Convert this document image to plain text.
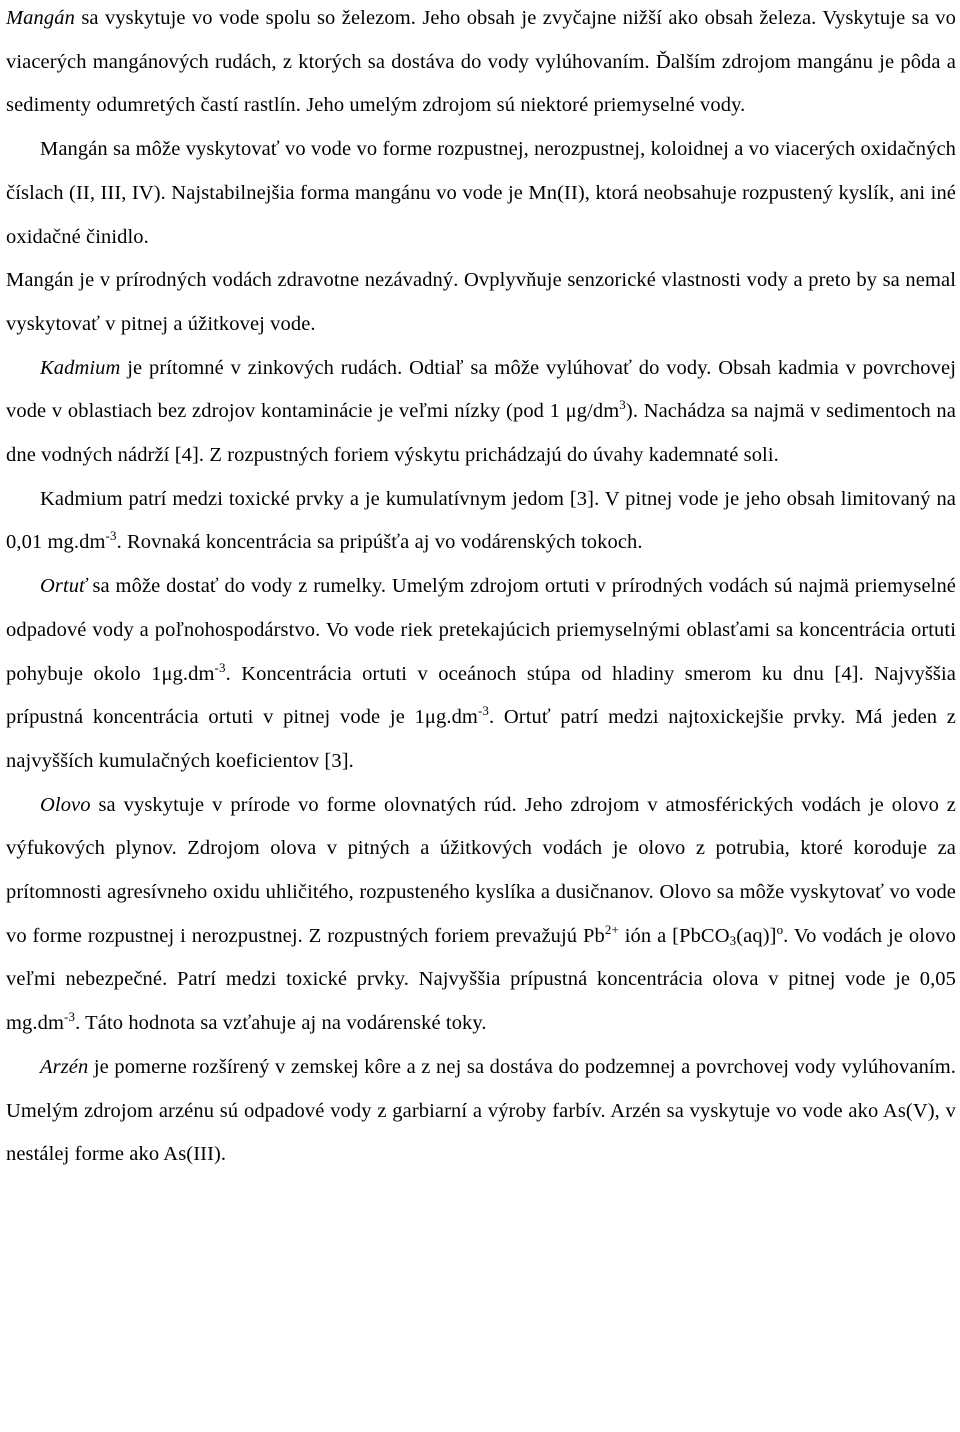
Mangán sa vyskytuje vo vode spolu so železom. Jeho obsah je zvyčajne nižší ako obsah železa. Vyskytuje sa vo viacerých mangánových rudách, z ktorých sa dostáva do vody vylúhovaním. Ďalším zdrojom mangánu je pôda a sedimenty odumretých častí rastlín. Jeho umelým zdrojom sú niektoré priemyselné vody.

Mangán sa môže vyskytovať vo vode vo forme rozpustnej, nerozpustnej, koloidnej a vo viacerých oxidačných číslach (II, III, IV). Najstabilnejšia forma mangánu vo vode je Mn(II), ktorá neobsahuje rozpustený kyslík, ani iné oxidačné činidlo.

Mangán je v prírodných vodách zdravotne nezávadný. Ovplyvňuje senzorické vlastnosti vody a preto by sa nemal vyskytovať v pitnej a úžitkovej vode.

Kadmium je prítomné v zinkových rudách. Odtiaľ sa môže vylúhovať do vody. Obsah kadmia v povrchovej vode v oblastiach bez zdrojov kontaminácie je veľmi nízky (pod 1 $\mu g/dm^3$). Nachádza sa najmä v sedimentoch na dne vodných nádrží [4]. Z rozpustných foriem výskytu prichádzajú do úvahy kademnaté soli.

Kadmium patrí medzi toxické prvky a je kumulatívnym jedom [3]. V pitnej vode je jeho obsah limitovaný na 0,01 $mg.dm^{-3}$. Rovnaká koncentrácia sa pripúšťa aj vo vodárenských tokoch.

Ortuť sa môže dostať do vody z rumelky. Umelým zdrojom ortuti v prírodných vodách sú najmä priemyselné odpadové vody a poľnohospodárstvo. Vo vode riek pretekajúcich priemyselnými oblasťami sa koncentrácia ortuti pohybuje okolo $1\mu g.dm^{-3}$. Koncentrácia ortuti v oceánoch stúpa od hladiny smerom ku dnu [4]. Najvyššia prípustná koncentrácia ortuti v pitnej vode je $1\mu g.dm^{-3}$. Ortuť patrí medzi najtoxickejšie prvky. Má jeden z najvyšších kumulačných koeficientov [3].

Olovo sa vyskytuje v prírode vo forme olovnatých rúd. Jeho zdrojom v atmosférických vodách je olovo z výfukových plynov. Zdrojom olova v pitných a úžitkových vodách je olovo z potrubia, ktoré koroduje za prítomnosti agresívneho oxidu uhličitého, rozpusteného kyslíka a dusičnanov. Olovo sa môže vyskytovať vo vode vo forme rozpustnej i nerozpustnej. Z rozpustných foriem prevažujú $Pb^{2+}$ ión a [PbCO$_3$(aq)]$^o$. Vo vodách je olovo veľmi nebezpečné. Patrí medzi toxické prvky. Najvyššia prípustná koncentrácia olova v pitnej vode je 0,05 $mg.dm^{-3}$. Táto hodnota sa vzťahuje aj na vodárenské toky.

Arzén je pomerne rozšírený v zemskej kôre a z nej sa dostáva do podzemnej a povrchovej vody vylúhovaním. Umelým zdrojom arzénu sú odpadové vody z garbiarní a výroby farbív. Arzén sa vyskytuje vo vode ako As(V), v nestálej forme ako As(III).
